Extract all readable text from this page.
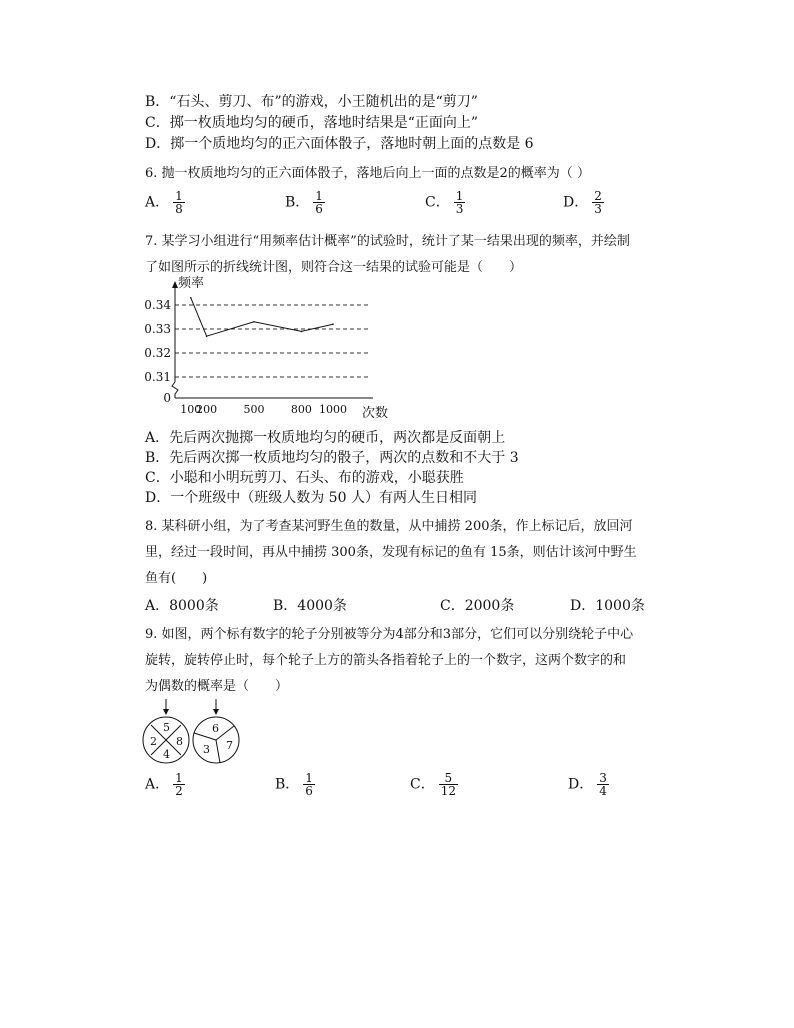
B．“石头、剪刀、布”的游戏，小王随机出的是“剪刀”
C．掷一枚质地均匀的硬币，落地时结果是“正面向上”
D．掷一个质地均匀的正六面体骰子，落地时朝上面的点数是 6
6. 抛一枚质地均匀的正六面体骰子，落地后向上一面的点数是2的概率为（ ）
A． $\frac{1}{8}$	B． $\frac{1}{6}$	C． $\frac{1}{3}$	D． $\frac{2}{3}$
7. 某学习小组进行“用频率估计概率”的试验时，统计了某一结果出现的频率，并绘制
了如图所示的折线统计图，则符合这一结果的试验可能是（　　）
0.34
0.33
0.32
0.31
0
100
200 500 800 1000
频率
次数
A．先后两次抛掷一枚质地均匀的硬币，两次都是反面朝上
B．先后两次掷一枚质地均匀的骰子，两次的点数和不大于 3
C．小聪和小明玩剪刀、石头、布的游戏，小聪获胜
D．一个班级中（班级人数为 50 人）有两人生日相同
8. 某科研小组，为了考查某河野生鱼的数量，从中捕捞 200条，作上标记后，放回河
里，经过一段时间，再从中捕捞 300条，发现有标记的鱼有 15条，则估计该河中野生
鱼有(　　)
A．8000条	B．4000条	C．2000条	D．1000条
9. 如图，两个标有数字的轮子分别被等分为4部分和3部分，它们可以分别绕轮子中心
旋转，旋转停止时，每个轮子上方的箭头各指着轮子上的一个数字，这两个数字的和
为偶数的概率是（　　）
5
8
4
2
6
7
3
A． $\frac{1}{2}$	B． $\frac{1}{6}$	C． $\frac{5}{12}$	D． $\frac{3}{4}$
